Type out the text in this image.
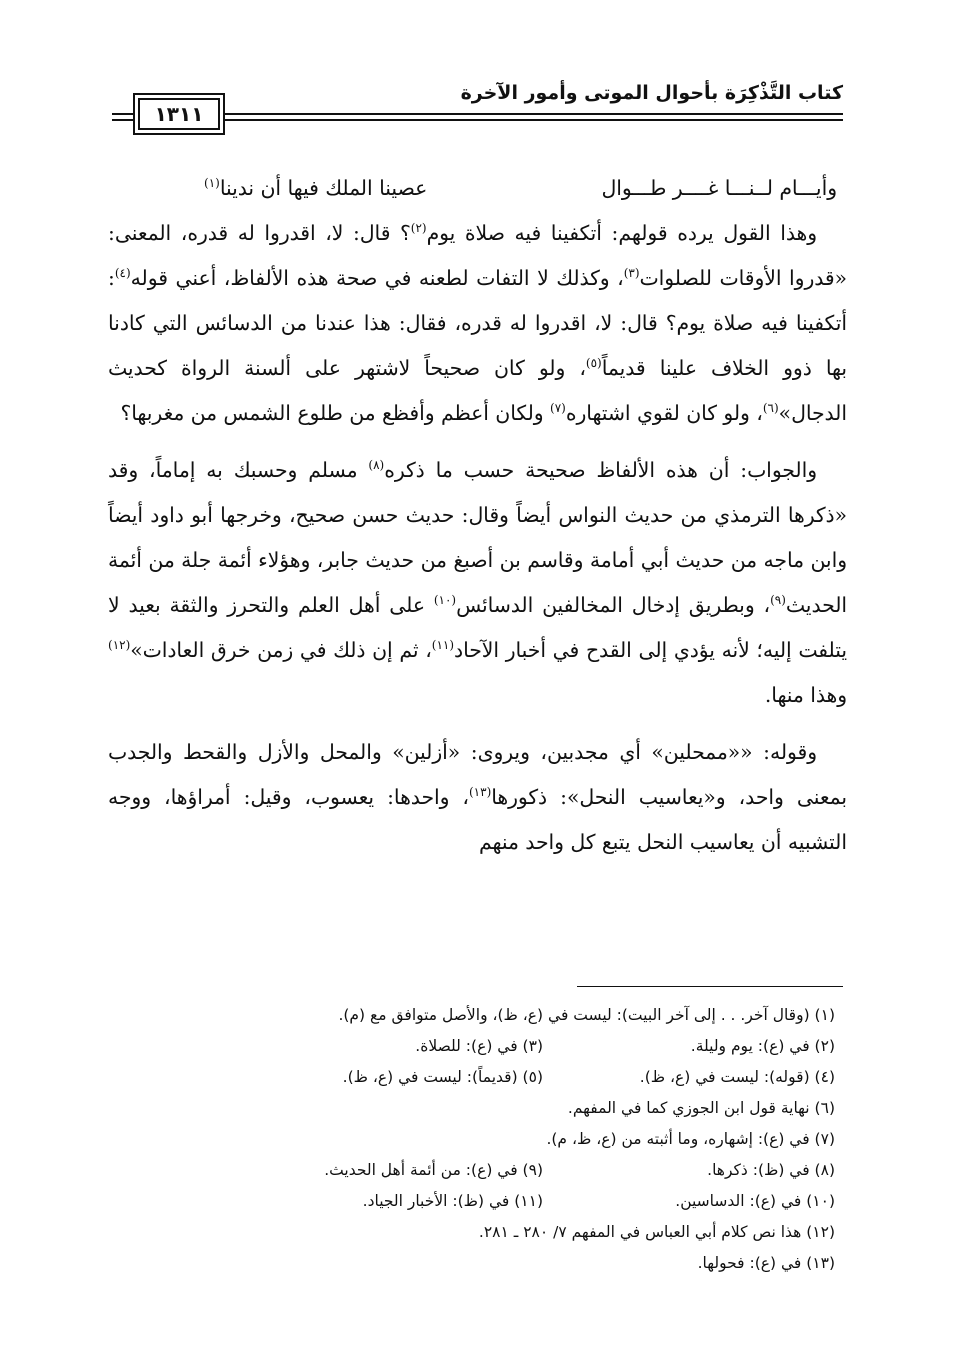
كتاب التَّذْكِرَة بأحوال الموتى وأمور الآخرة
١٣١١
وأيـــام لــنـــا غــــر طـــوال
عصينا الملك فيها أن ندينا$^{(١)}$

وهذا القول يرده قولهم: أتكفينا فيه صلاة يوم$^{(٢)}$؟ قال: لا، اقدروا له قدره، المعنى: «قدروا الأوقات للصلوات$^{(٣)}$، وكذلك لا التفات لطعنه في صحة هذه الألفاظ، أعني قوله$^{(٤)}$: أتكفينا فيه صلاة يوم؟ قال: لا، اقدروا له قدره، فقال: هذا عندنا من الدسائس التي كادنا بها ذوو الخلاف علينا قديماً$^{(٥)}$، ولو كان صحيحاً لاشتهر على ألسنة الرواة كحديث الدجال»$^{(٦)}$، ولو كان لقوي اشتهاره$^{(٧)}$ ولكان أعظم وأفظع من طلوع الشمس من مغربها؟

والجواب: أن هذه الألفاظ صحيحة حسب ما ذكره$^{(٨)}$ مسلم وحسبك به إماماً، وقد «ذكرها الترمذي من حديث النواس أيضاً وقال: حديث حسن صحيح، وخرجها أبو داود أيضاً وابن ماجه من حديث أبي أمامة وقاسم بن أصبغ من حديث جابر، وهؤلاء أئمة جلة من أئمة الحديث$^{(٩)}$، وبطريق إدخال المخالفين الدسائس$^{(١٠)}$ على أهل العلم والتحرز والثقة بعيد لا يتلفت إليه؛ لأنه يؤدي إلى القدح في أخبار الآحاد$^{(١١)}$، ثم إن ذلك في زمن خرق العادات»$^{(١٢)}$ وهذا منها.

وقوله: ««ممحلين» أي مجدبين، ويروى: «أزلين» والمحل والأزل والقحط والجدب بمعنى واحد، و«يعاسيب النحل»: ذكورها$^{(١٣)}$، واحدها: يعسوب، وقيل: أمراؤها، ووجه التشبيه أن يعاسيب النحل يتبع كل واحد منهم

(١) (وقال آخر. . . إلى آخر البيت): ليست في (ع، ظ)، والأصل متوافق مع (م).
(٢) في (ع): يوم وليلة.
(٣) في (ع): للصلاة.
(٤) (قوله): ليست في (ع، ظ).
(٥) (قديماً): ليست في (ع، ظ).
(٦) نهاية قول ابن الجوزي كما في المفهم.
(٧) في (ع): إشهاره، وما أثبته من (ع، ظ، م).
(٨) في (ظ): ذكرها.
(٩) في (ع): من أئمة أهل الحديث.
(١٠) في (ع): الدساسين.
(١١) في (ظ): الأخبار الجياد.
(١٢) هذا نص كلام أبي العباس في المفهم ٧/ ٢٨٠ ـ ٢٨١.
(١٣) في (ع): فحولها.
